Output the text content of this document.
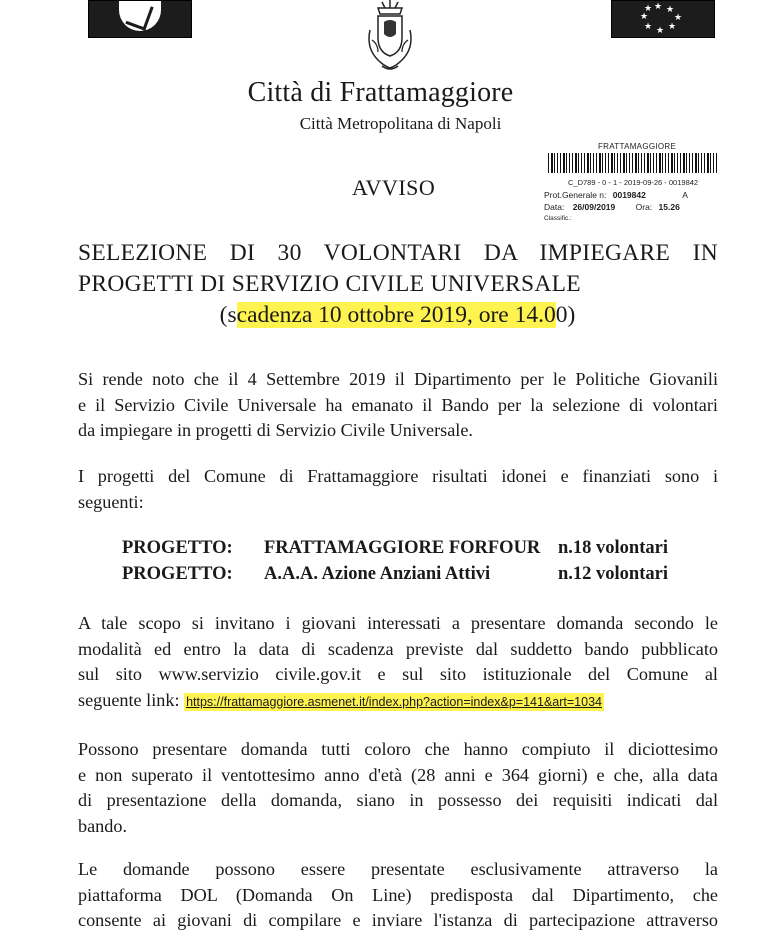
★ ★
★
★
★
★
★
★
Città di Frattamaggiore
Città Metropolitana di Napoli
FRATTAMAGGIORE
C_D789 - 0 - 1 - 2019-09-26 - 0019842
Prot.Generale n: 0019842	A
Data: 26/09/2019 Ora: 15.26
Classific.:
AVVISO
SELEZIONE DI 30 VOLONTARI DA IMPIEGARE IN
PROGETTI DI SERVIZIO CIVILE UNIVERSALE
(scadenza 10 ottobre 2019, ore 14.00)
Si rende noto che il 4 Settembre 2019 il Dipartimento per le Politiche Giovanili
e il Servizio Civile Universale ha emanato il Bando per la selezione di volontari
da impiegare in progetti di Servizio Civile Universale.
I progetti del Comune di Frattamaggiore risultati idonei e finanziati sono i
seguenti:
PROGETTO: FRATTAMAGGIORE FORFOUR n.18 volontari
PROGETTO: A.A.A. Azione Anziani Attivi	n.12 volontari
A tale scopo si invitano i giovani interessati a presentare domanda secondo le
modalità ed entro la data di scadenza previste dal suddetto bando pubblicato
sul sito www.servizio civile.gov.it e sul sito istituzionale del Comune al
seguente link: https://frattamaggiore.asmenet.it/index.php?action=index&p=141&art=1034
Possono presentare domanda tutti coloro che hanno compiuto il diciottesimo
e non superato il ventottesimo anno d'età (28 anni e 364 giorni) e che, alla data
di presentazione della domanda, siano in possesso dei requisiti indicati dal
bando.
Le domande possono essere presentate esclusivamente attraverso la
piattaforma DOL (Domanda On Line) predisposta dal Dipartimento, che
consente ai giovani di compilare e inviare l'istanza di partecipazione attraverso
